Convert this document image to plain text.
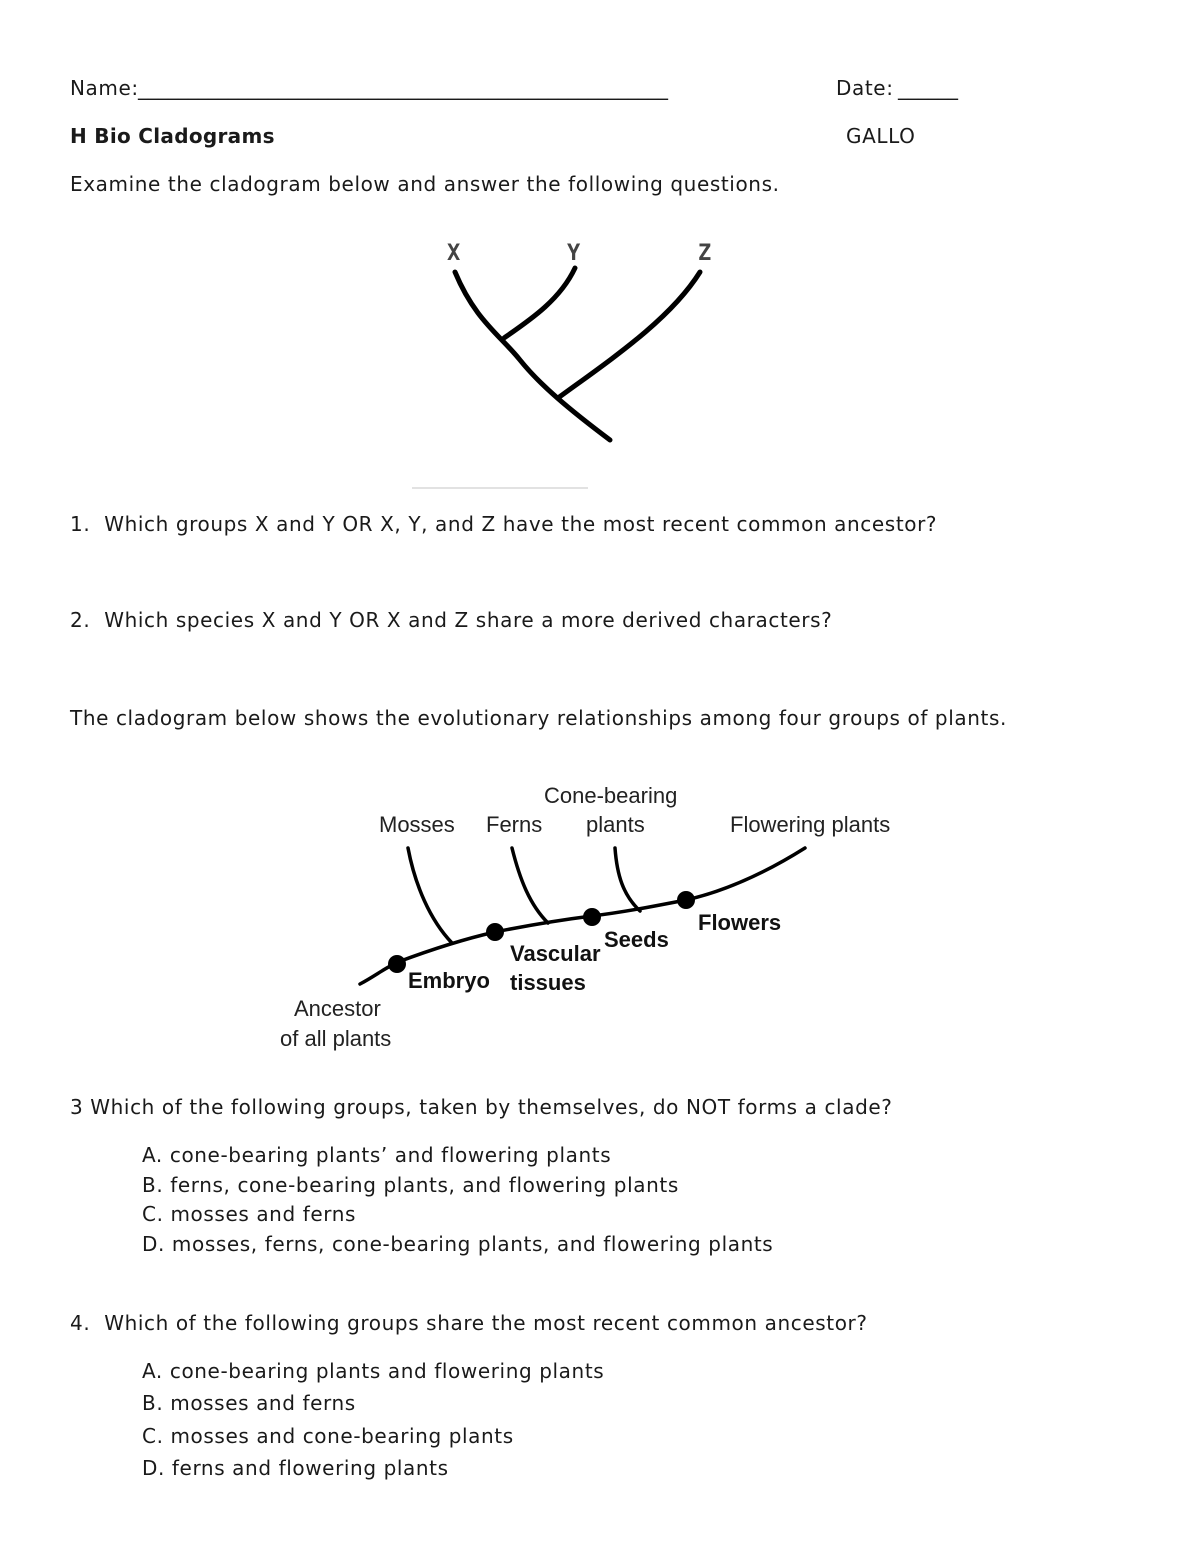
Name: _____________________________________________________	Date: ______
H Bio Cladograms	GALLO
Examine the cladogram below and answer the following questions.
X	Y	Z
Mosses Ferns
Cone-bearing
plants	Flowering plants
Embryo
Vascular
tissues
Seeds
Flowers
Ancestor
of all plants
1.  Which groups X and Y OR X, Y, and Z have the most recent common ancestor?
2.  Which species X and Y OR X and Z share a more derived characters?
The cladogram below shows the evolutionary relationships among four groups of plants.
3 Which of the following groups, taken by themselves, do NOT forms a clade?
A. cone-bearing plants’ and flowering plants
B. ferns, cone-bearing plants, and flowering plants
C. mosses and ferns
D. mosses, ferns, cone-bearing plants, and flowering plants
4.  Which of the following groups share the most recent common ancestor?
A. cone-bearing plants and flowering plants
B. mosses and ferns
C. mosses and cone-bearing plants
D. ferns and flowering plants
